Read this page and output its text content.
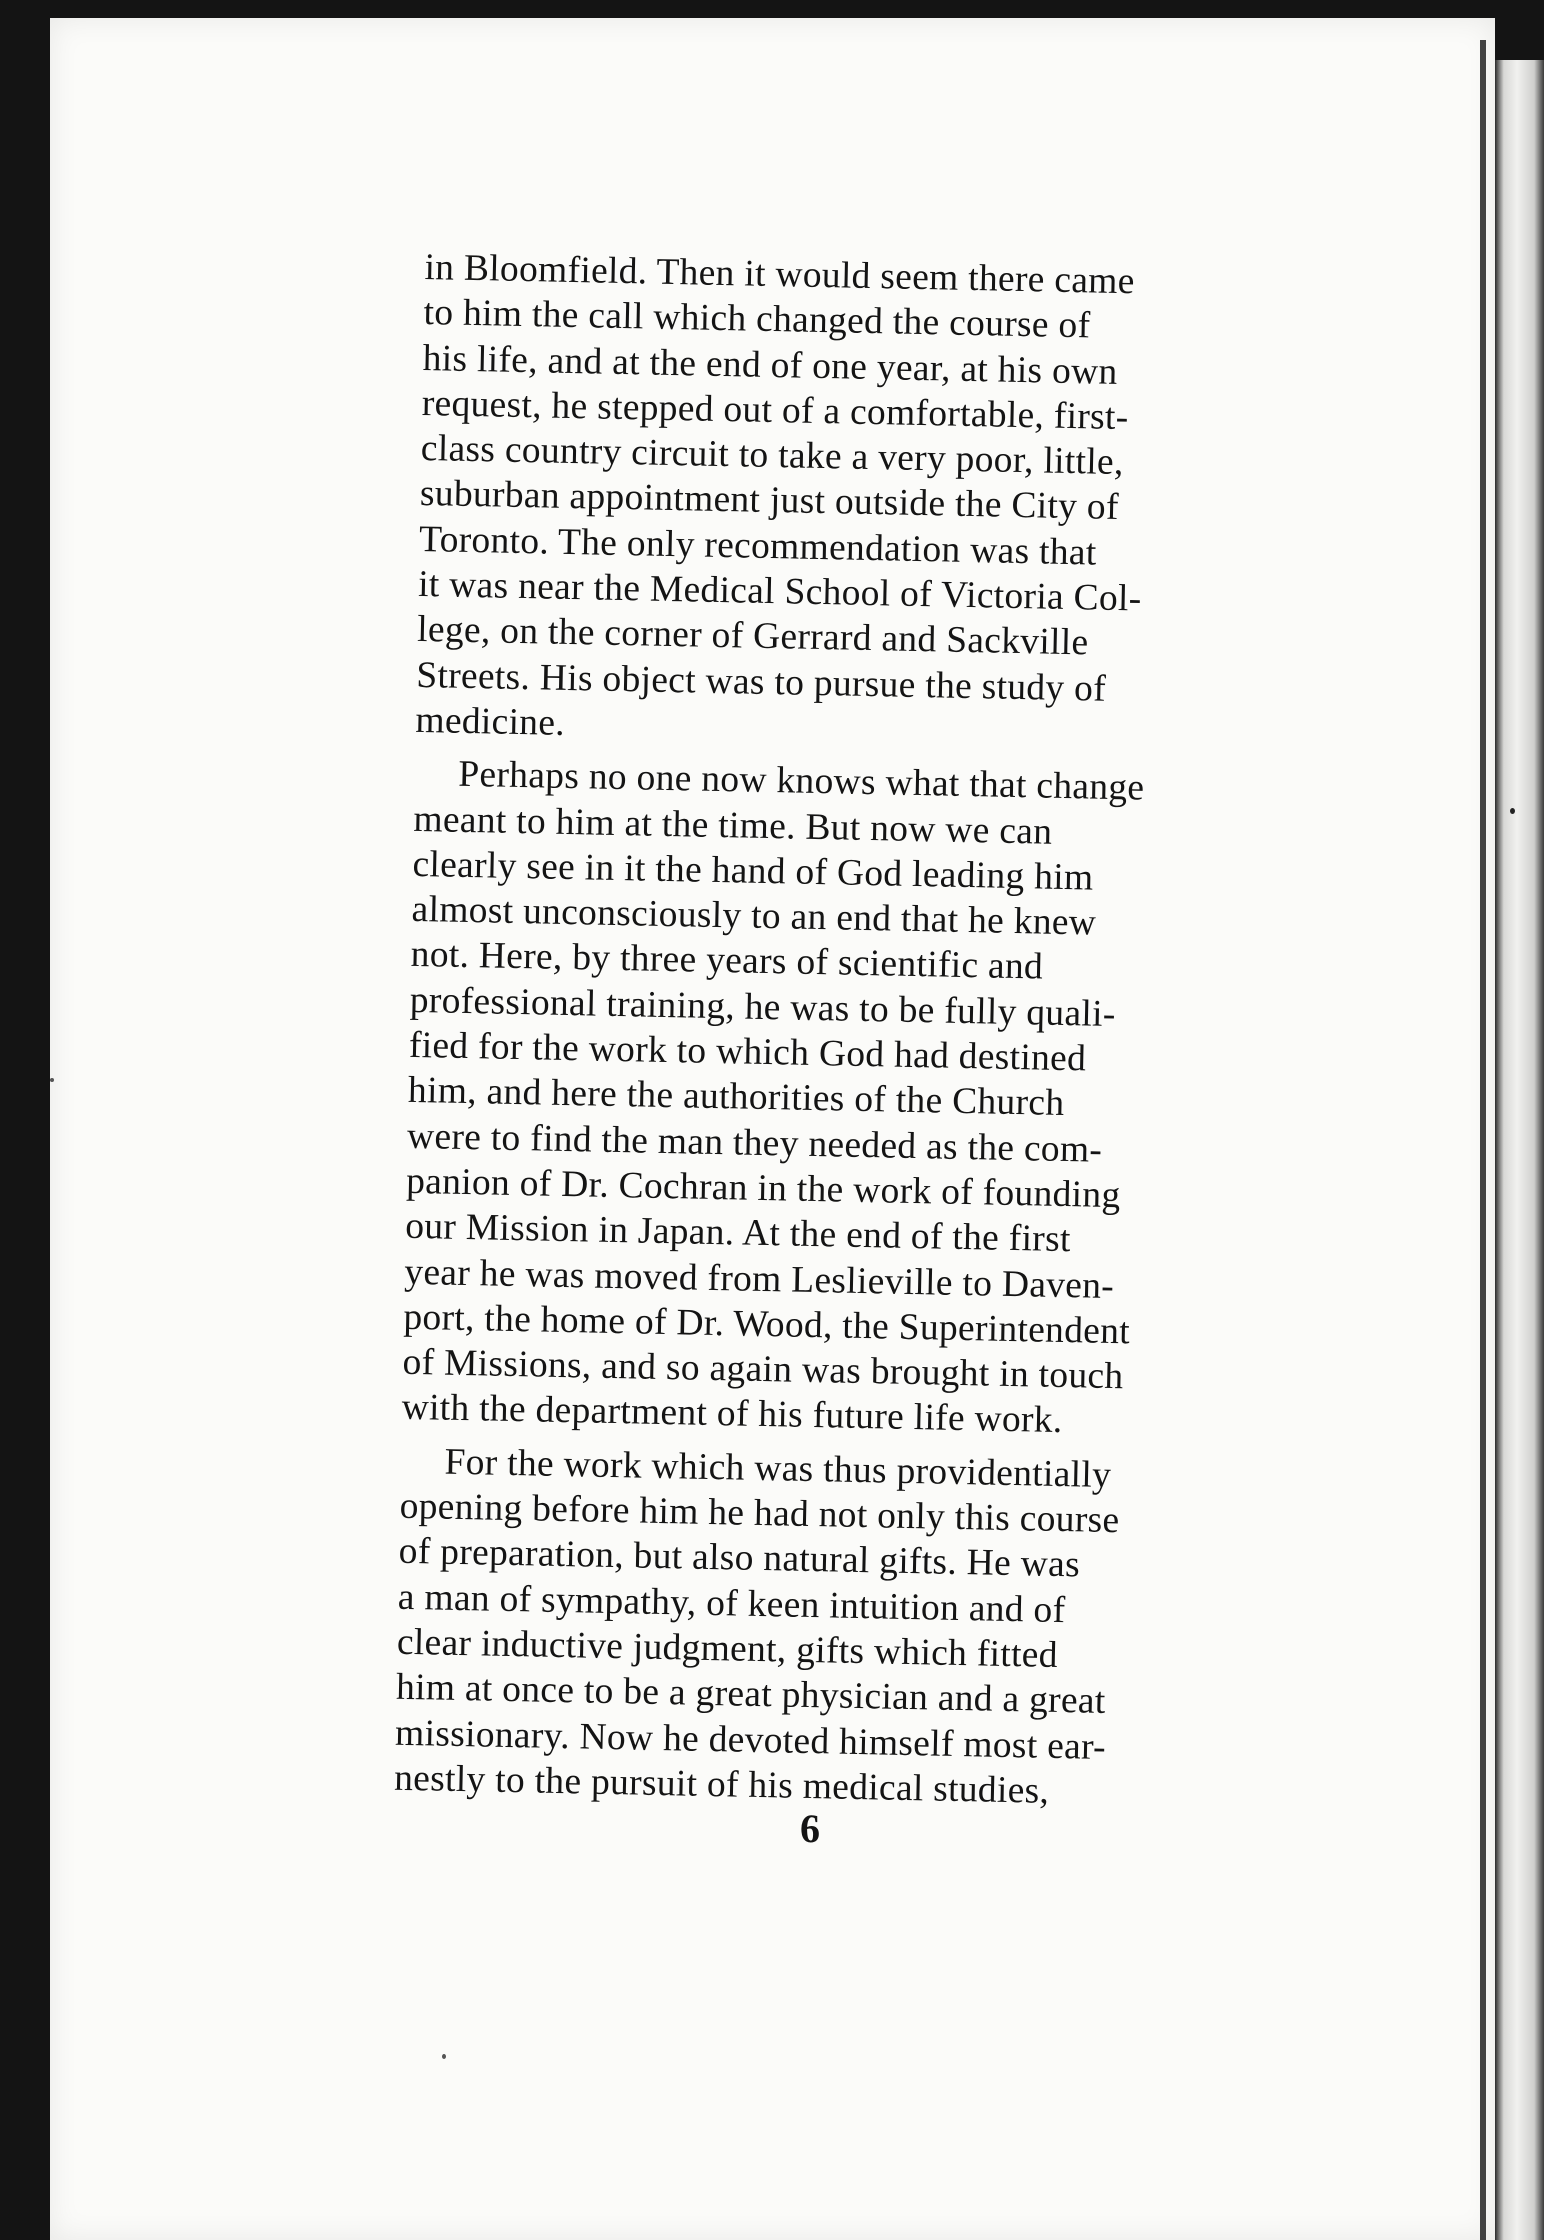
in Bloomfield. Then it would seem there came
to him the call which changed the course of
his life, and at the end of one year, at his own
request, he stepped out of a comfortable, first-
class country circuit to take a very poor, little,
suburban appointment just outside the City of
Toronto. The only recommendation was that
it was near the Medical School of Victoria Col-
lege, on the corner of Gerrard and Sackville
Streets. His object was to pursue the study of
medicine.

Perhaps no one now knows what that change
meant to him at the time. But now we can
clearly see in it the hand of God leading him
almost unconsciously to an end that he knew
not. Here, by three years of scientific and
professional training, he was to be fully quali-
fied for the work to which God had destined
him, and here the authorities of the Church
were to find the man they needed as the com-
panion of Dr. Cochran in the work of founding
our Mission in Japan. At the end of the first
year he was moved from Leslieville to Daven-
port, the home of Dr. Wood, the Superintendent
of Missions, and so again was brought in touch
with the department of his future life work.

For the work which was thus providentially
opening before him he had not only this course
of preparation, but also natural gifts. He was
a man of sympathy, of keen intuition and of
clear inductive judgment, gifts which fitted
him at once to be a great physician and a great
missionary. Now he devoted himself most ear-
nestly to the pursuit of his medical studies,

6
